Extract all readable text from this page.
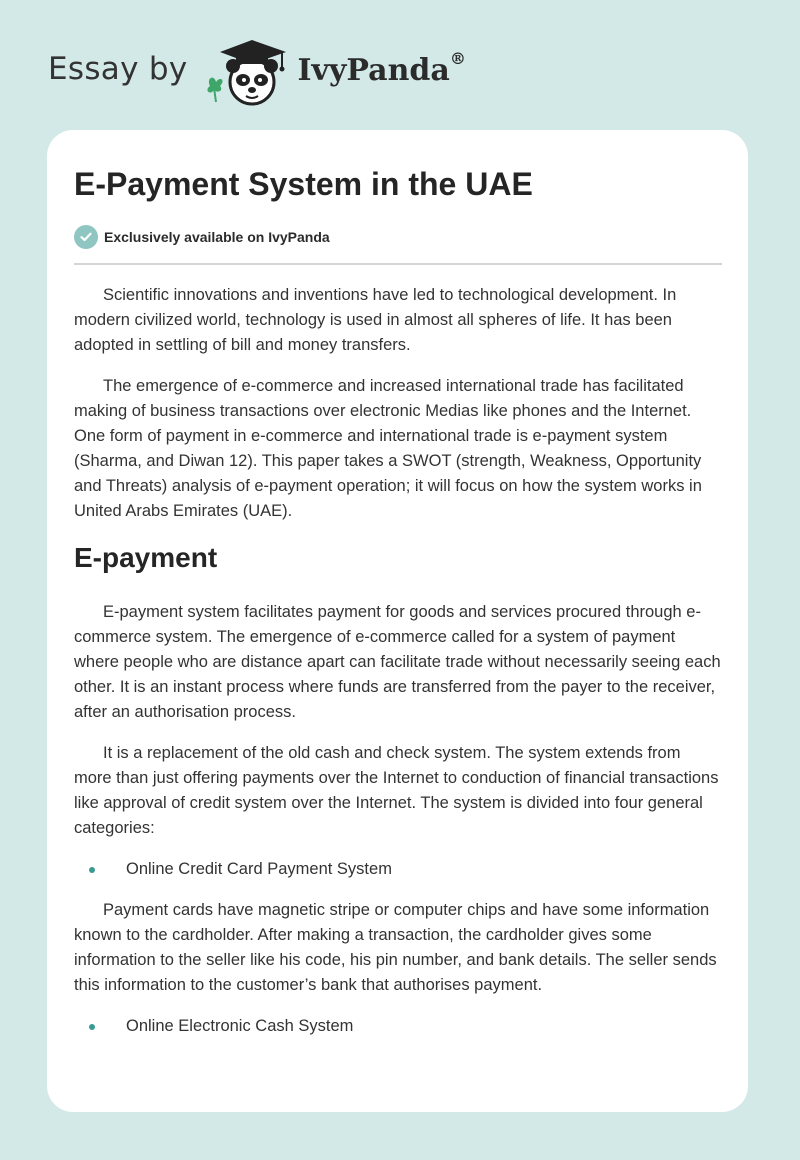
Essay by	IvyPanda®
E-Payment System in the UAE
Exclusively available on IvyPanda

Scientific innovations and inventions have led to technological development. In modern civilized world, technology is used in almost all spheres of life. It has been adopted in settling of bill and money transfers.

The emergence of e-commerce and increased international trade has facilitated making of business transactions over electronic Medias like phones and the Internet. One form of payment in e-commerce and international trade is e-payment system (Sharma, and Diwan 12). This paper takes a SWOT (strength, Weakness, Opportunity and Threats) analysis of e-payment operation; it will focus on how the system works in United Arabs Emirates (UAE).

E-payment

E-payment system facilitates payment for goods and services procured through e-commerce system. The emergence of e-commerce called for a system of payment where people who are distance apart can facilitate trade without necessarily seeing each other. It is an instant process where funds are transferred from the payer to the receiver, after an authorisation process.

It is a replacement of the old cash and check system. The system extends from more than just offering payments over the Internet to conduction of financial transactions like approval of credit system over the Internet. The system is divided into four general categories:

Online Credit Card Payment System

Payment cards have magnetic stripe or computer chips and have some information known to the cardholder. After making a transaction, the cardholder gives some information to the seller like his code, his pin number, and bank details. The seller sends this information to the customer’s bank that authorises payment.

Online Electronic Cash System
